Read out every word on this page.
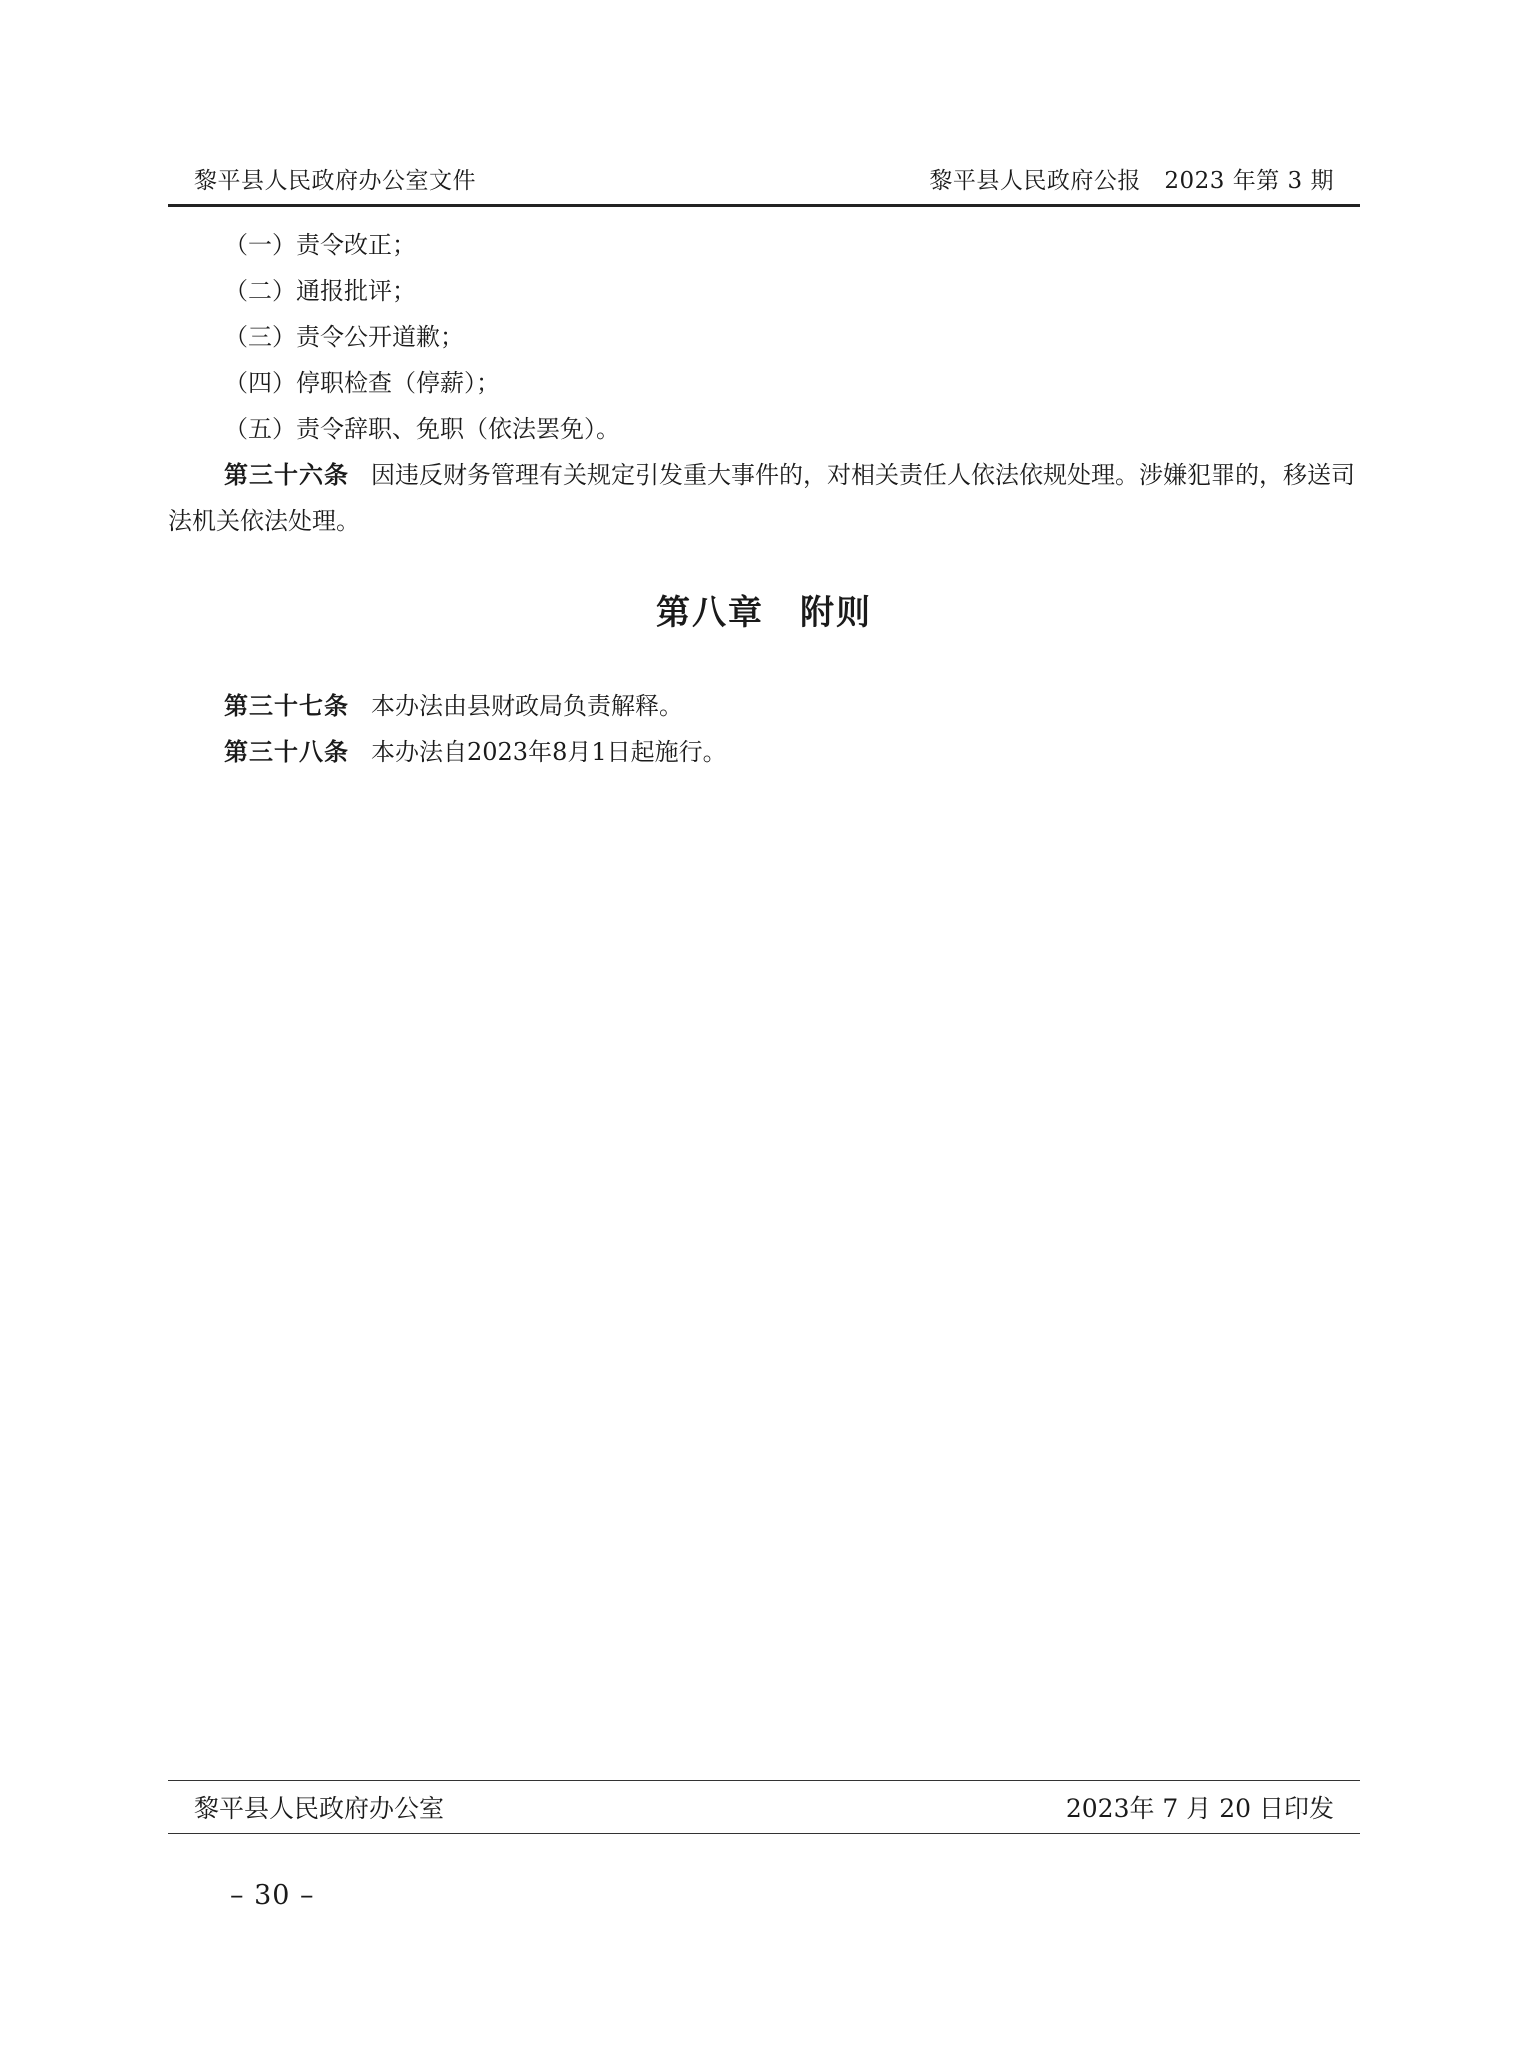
黎平县人民政府办公室文件	黎平县人民政府公报　2023 年第 3 期
（一）责令改正；
（二）通报批评；
（三）责令公开道歉；
（四）停职检查（停薪）；
（五）责令辞职、免职（依法罢免）。
第三十六条 因违反财务管理有关规定引发重大事件的，对相关责任人依法依规处理。涉嫌犯罪的，移送司法机关依法处理。
第八章　附则
第三十七条 本办法由县财政局负责解释。
第三十八条 本办法自2023年8月1日起施行。
黎平县人民政府办公室	2023年 7 月 20 日印发
– 30 –
